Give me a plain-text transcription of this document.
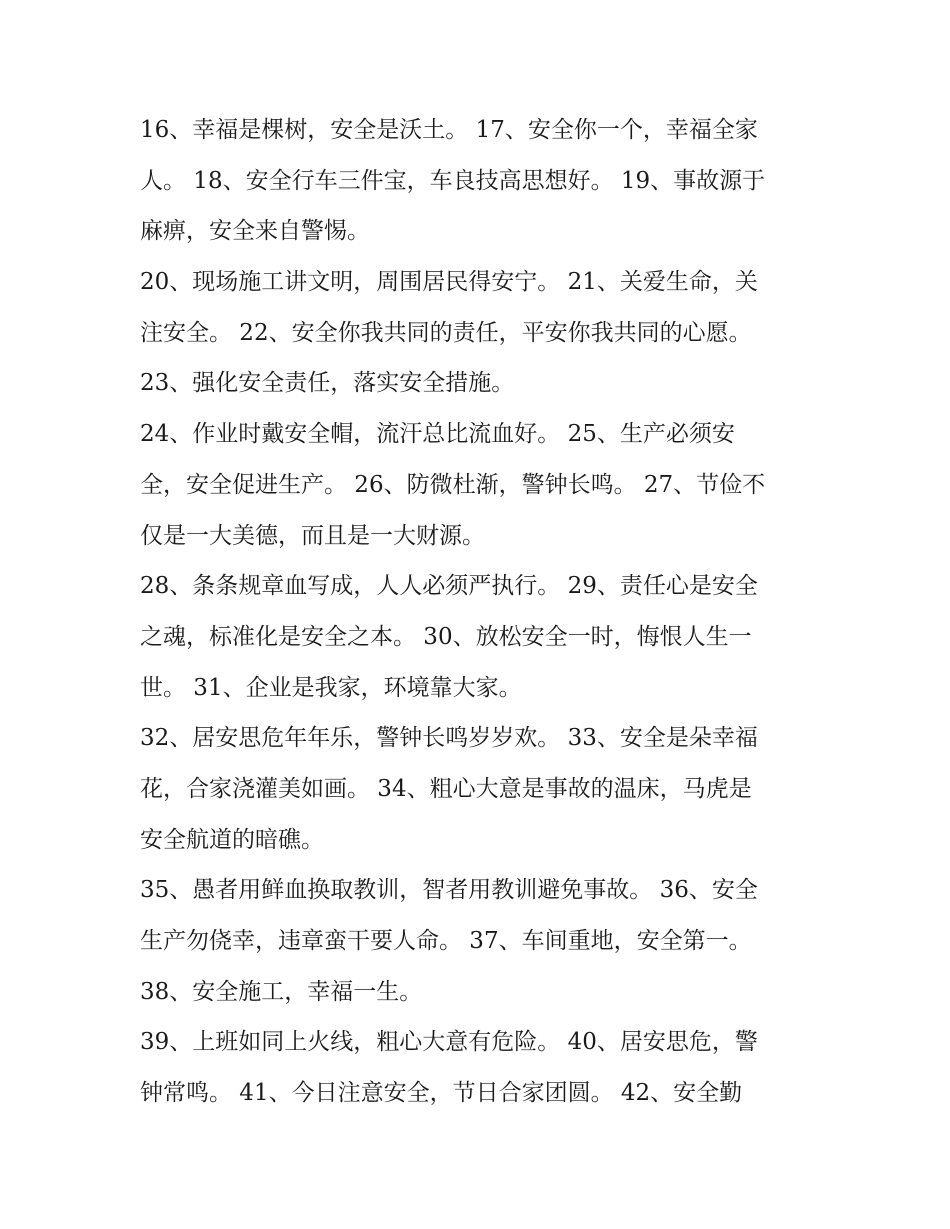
16、幸福是棵树，安全是沃土。 17、安全你一个，幸福全家
人。 18、安全行车三件宝，车良技高思想好。 19、事故源于
麻痹，安全来自警惕。
20、现场施工讲文明，周围居民得安宁。 21、关爱生命，关
注安全。 22、安全你我共同的责任，平安你我共同的心愿。
23、强化安全责任，落实安全措施。
24、作业时戴安全帽，流汗总比流血好。 25、生产必须安
全，安全促进生产。 26、防微杜渐，警钟长鸣。 27、节俭不
仅是一大美德，而且是一大财源。
28、条条规章血写成，人人必须严执行。 29、责任心是安全
之魂，标准化是安全之本。 30、放松安全一时，悔恨人生一
世。 31、企业是我家，环境靠大家。
32、居安思危年年乐，警钟长鸣岁岁欢。 33、安全是朵幸福
花，合家浇灌美如画。 34、粗心大意是事故的温床，马虎是
安全航道的暗礁。
35、愚者用鲜血换取教训，智者用教训避免事故。 36、安全
生产勿侥幸，违章蛮干要人命。 37、车间重地，安全第一。
38、安全施工，幸福一生。
39、上班如同上火线，粗心大意有危险。 40、居安思危，警
钟常鸣。 41、今日注意安全，节日合家团圆。 42、安全勤
